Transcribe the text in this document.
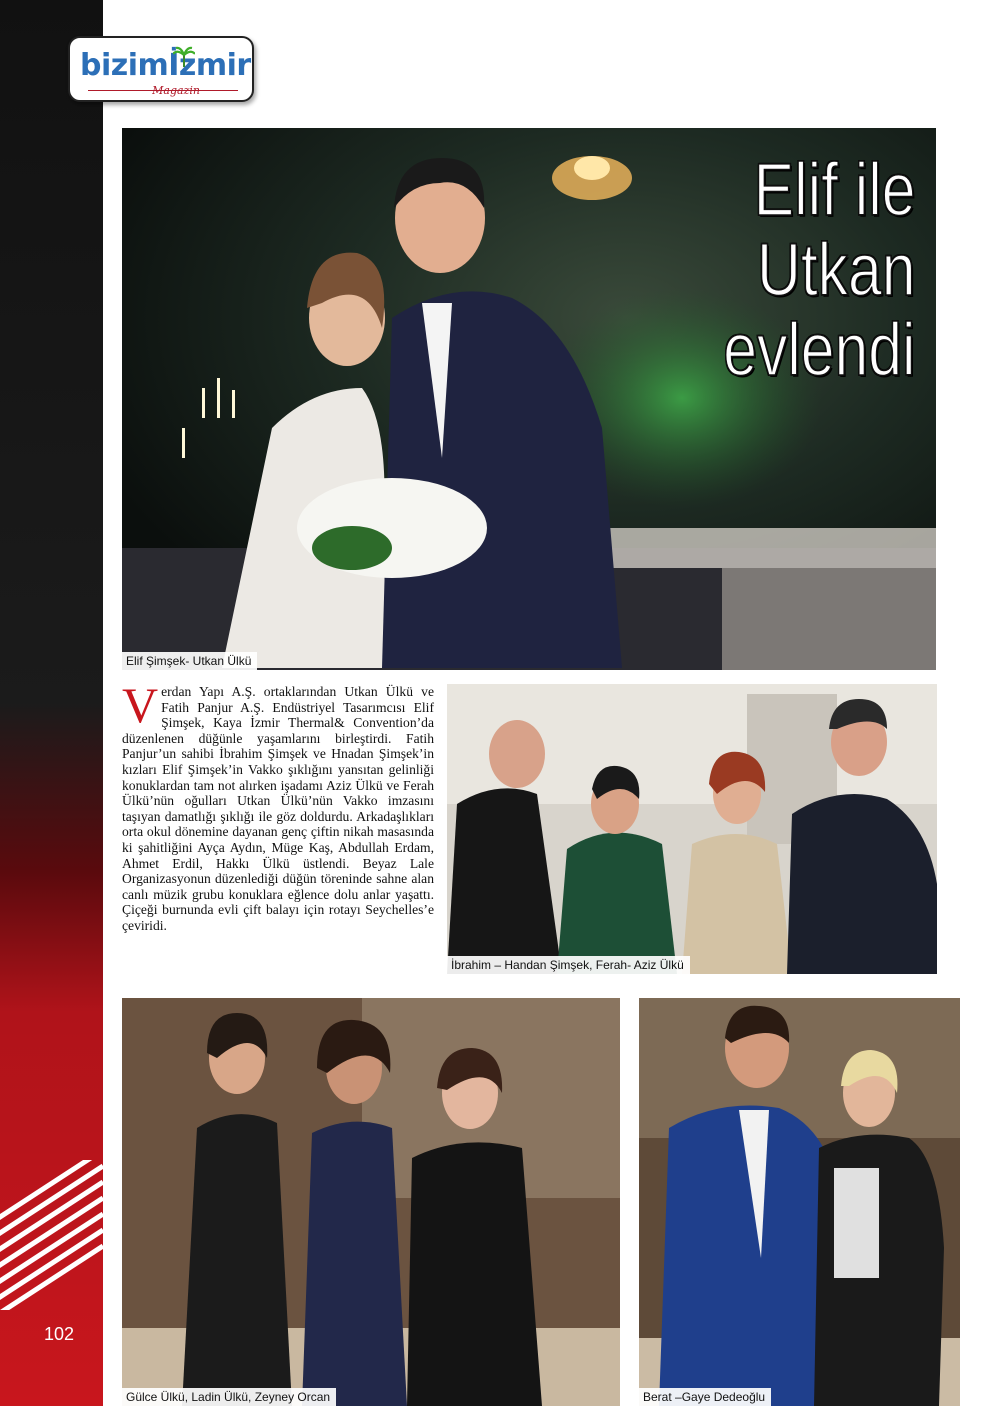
102
bizimİzmir
Magazin
Elif ile
Utkan
evlendi
Elif Şimşek- Utkan Ülkü
Verdan Yapı A.Ş. ortaklarından Utkan Ülkü ve Fatih Panjur A.Ş. Endüstriyel Tasarımcısı Elif Şimşek, Kaya İzmir Thermal& Convention’da düzenlenen düğünle yaşamlarını birleştirdi. Fatih Panjur’un sahibi İbrahim Şimşek ve Hnadan Şimşek’in kızları Elif Şimşek’in Vakko şıklığını yansıtan gelinliği konuklardan tam not alırken işadamı Aziz Ülkü ve Ferah Ülkü’nün oğulları Utkan Ülkü’nün Vakko imzasını taşıyan damatlığı şıklığı ile göz doldurdu. Arkadaşlıkları orta okul dönemine dayanan genç çiftin nikah masasında ki şahitliğini Ayça Aydın, Müge Kaş, Abdullah Erdam, Ahmet Erdil, Hakkı Ülkü üstlendi. Beyaz Lale Organizasyonun düzenlediği düğün töreninde sahne alan canlı müzik grubu konuklara eğlence dolu anlar yaşattı. Çiçeği burnunda evli çift balayı için rotayı Seychelles’e çeviridi.
İbrahim – Handan Şimşek, Ferah- Aziz Ülkü
Gülce Ülkü, Ladin Ülkü, Zeyney Orcan	Berat –Gaye Dedeoğlu
